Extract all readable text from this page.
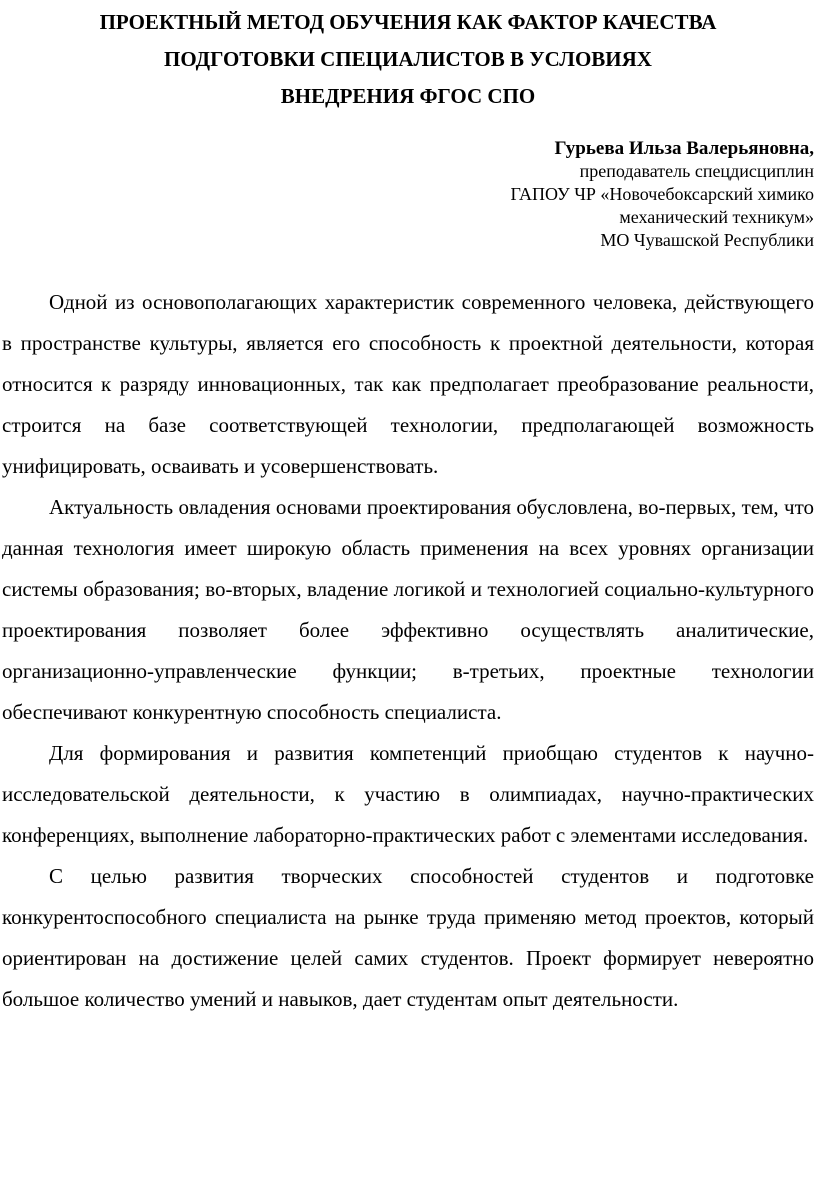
ПРОЕКТНЫЙ МЕТОД ОБУЧЕНИЯ КАК ФАКТОР КАЧЕСТВА
ПОДГОТОВКИ СПЕЦИАЛИСТОВ В УСЛОВИЯХ
ВНЕДРЕНИЯ ФГОС СПО
Гурьева Ильза Валерьяновна,
преподаватель спецдисциплин
ГАПОУ ЧР «Новочебоксарский химико
механический техникум»
МО Чувашской Республики

Одной из основополагающих характеристик современного человека, действующего в пространстве культуры, является его способность к проектной деятельности, которая относится к разряду инновационных, так как предполагает преобразование реальности, строится на базе соответствующей технологии, предполагающей возможность унифицировать, осваивать и усовершенствовать.

Актуальность овладения основами проектирования обусловлена, во-первых, тем, что данная технология имеет широкую область применения на всех уровнях организации системы образования; во-вторых, владение логикой и технологией социально-культурного проектирования позволяет более эффективно осуществлять аналитические, организационно-управленческие функции; в-третьих, проектные технологии обеспечивают конкурентную способность специалиста.

Для формирования и развития компетенций приобщаю студентов к научно-исследовательской деятельности, к участию в олимпиадах, научно-практических конференциях, выполнение лабораторно-практических работ с элементами исследования.

С целью развития творческих способностей студентов и подготовке конкурентоспособного специалиста на рынке труда применяю метод проектов, который ориентирован на достижение целей самих студентов. Проект формирует невероятно большое количество умений и навыков, дает студентам опыт деятельности.
